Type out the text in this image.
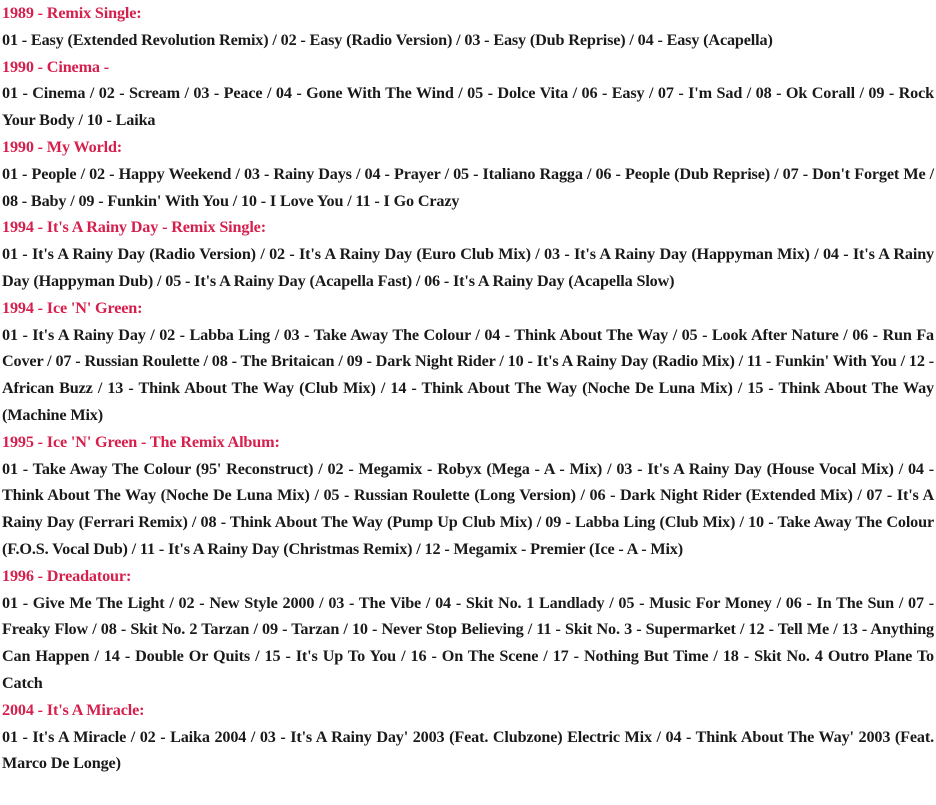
1989 - Remix Single:
01 - Easy (Extended Revolution Remix) / 02 - Easy (Radio Version) / 03 - Easy (Dub Reprise) / 04 - Easy (Acapella)
1990 - Cinema -
01 - Cinema / 02 - Scream / 03 - Peace / 04 - Gone With The Wind / 05 - Dolce Vita / 06 - Easy / 07 - I'm Sad / 08 - Ok Corall / 09 - Rock Your Body / 10 - Laika
1990 - My World:
01 - People / 02 - Happy Weekend / 03 - Rainy Days / 04 - Prayer / 05 - Italiano Ragga / 06 - People (Dub Reprise) / 07 - Don't Forget Me / 08 - Baby / 09 - Funkin' With You / 10 - I Love You / 11 - I Go Crazy
1994 - It's A Rainy Day - Remix Single:
01 - It's A Rainy Day (Radio Version) / 02 - It's A Rainy Day (Euro Club Mix) / 03 - It's A Rainy Day (Happyman Mix) / 04 - It's A Rainy Day (Happyman Dub) / 05 - It's A Rainy Day (Acapella Fast) / 06 - It's A Rainy Day (Acapella Slow)
1994 - Ice 'N' Green:
01 - It's A Rainy Day / 02 - Labba Ling / 03 - Take Away The Colour / 04 - Think About The Way / 05 - Look After Nature / 06 - Run Fa Cover / 07 - Russian Roulette / 08 - The Britaican / 09 - Dark Night Rider / 10 - It's A Rainy Day (Radio Mix) / 11 - Funkin' With You / 12 - African Buzz / 13 - Think About The Way (Club Mix) / 14 - Think About The Way (Noche De Luna Mix) / 15 - Think About The Way (Machine Mix)
1995 - Ice 'N' Green - The Remix Album:
01 - Take Away The Colour (95' Reconstruct) / 02 - Megamix - Robyx (Mega - A - Mix) / 03 - It's A Rainy Day (House Vocal Mix) / 04 - Think About The Way (Noche De Luna Mix) / 05 - Russian Roulette (Long Version) / 06 - Dark Night Rider (Extended Mix) / 07 - It's A Rainy Day (Ferrari Remix) / 08 - Think About The Way (Pump Up Club Mix) / 09 - Labba Ling (Club Mix) / 10 - Take Away The Colour (F.O.S. Vocal Dub) / 11 - It's A Rainy Day (Christmas Remix) / 12 - Megamix - Premier (Ice - A - Mix)
1996 - Dreadatour:
01 - Give Me The Light / 02 - New Style 2000 / 03 - The Vibe / 04 - Skit No. 1 Landlady / 05 - Music For Money / 06 - In The Sun / 07 - Freaky Flow / 08 - Skit No. 2 Tarzan / 09 - Tarzan / 10 - Never Stop Believing / 11 - Skit No. 3 - Supermarket / 12 - Tell Me / 13 - Anything Can Happen / 14 - Double Or Quits / 15 - It's Up To You / 16 - On The Scene / 17 - Nothing But Time / 18 - Skit No. 4 Outro Plane To Catch
2004 - It's A Miracle:
01 - It's A Miracle / 02 - Laika 2004 / 03 - It's A Rainy Day' 2003 (Feat. Clubzone) Electric Mix / 04 - Think About The Way' 2003 (Feat. Marco De Longe)
